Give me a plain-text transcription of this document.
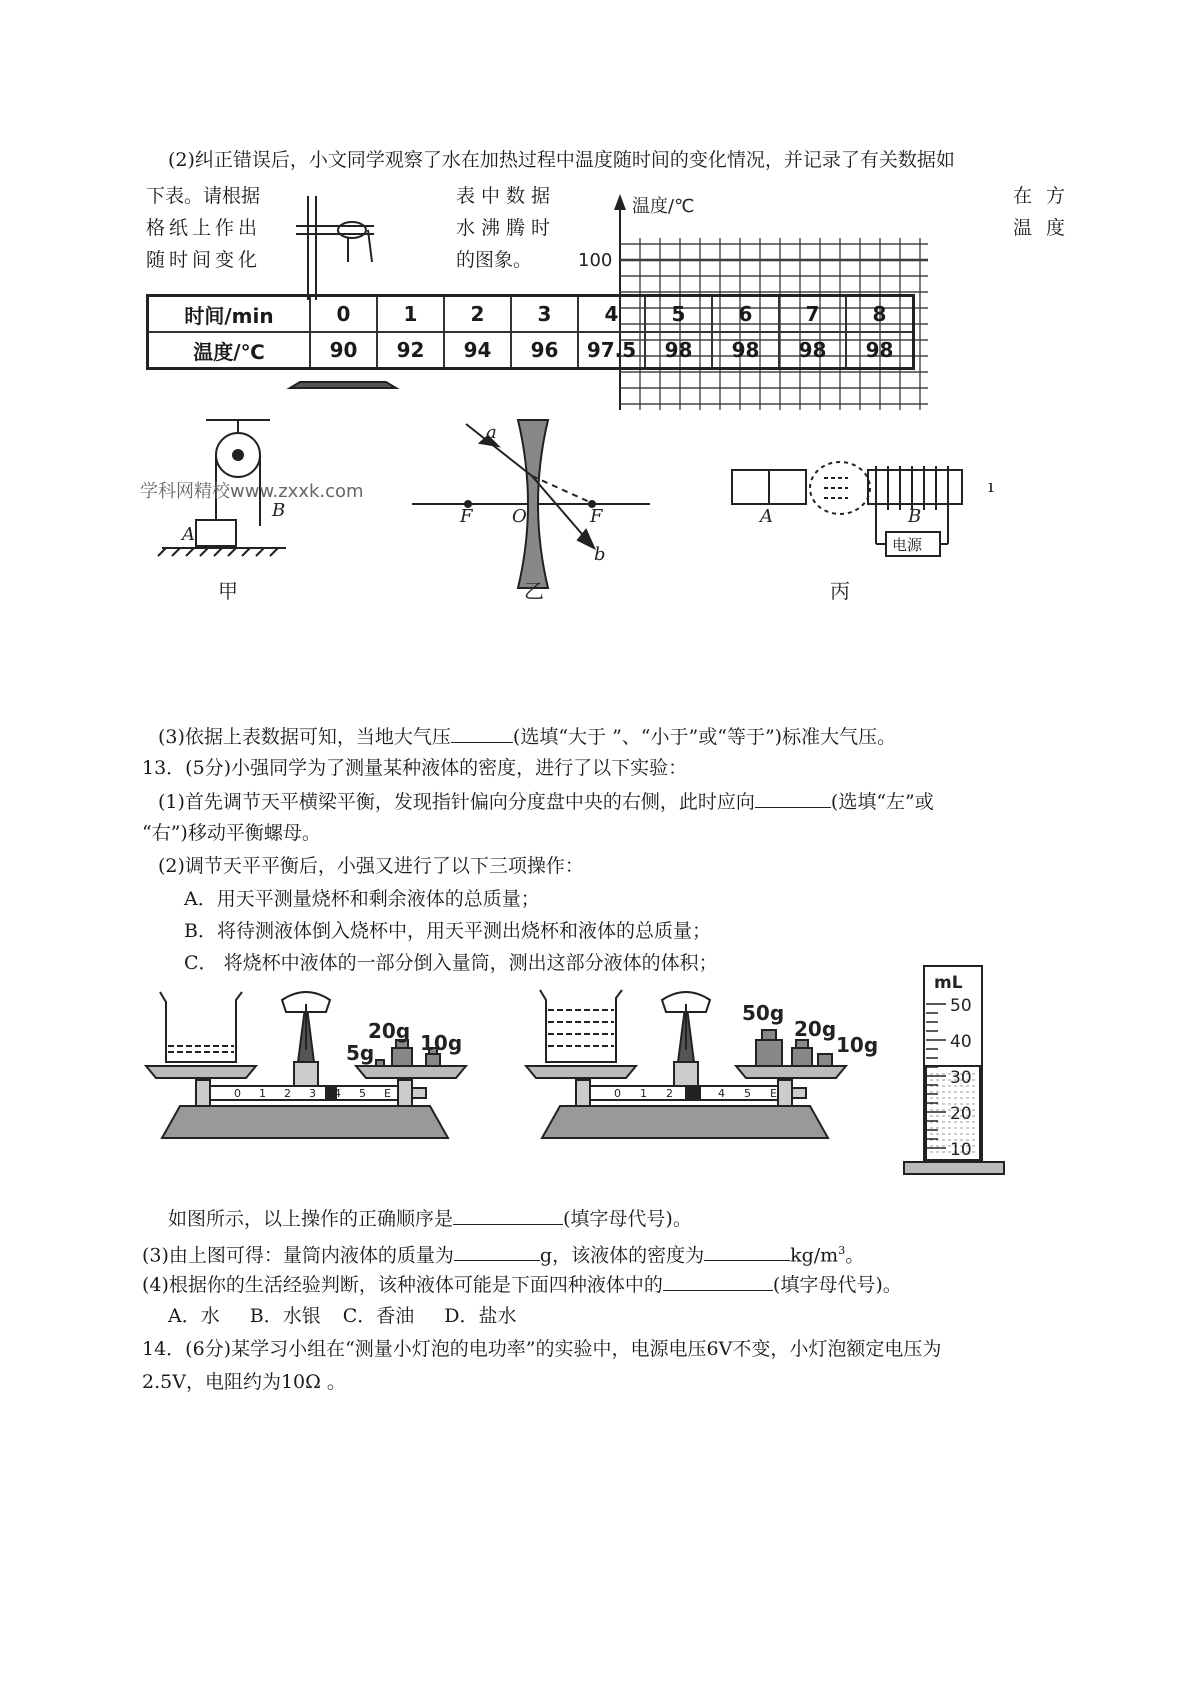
(2)纠正错误后，小文同学观察了水在加热过程中温度随时间的变化情况，并记录了有关数据如
下表。请根据
格纸上作出
随时间变化
表中数据
水沸腾时
的图象。
在方
温度
温度/℃
100
A
B
甲
学科网精校www.zxxk.com
a
b
F O	F
乙
A	B
电源
ı
丙
0 1 2 3 4 5 E
20g 10g
5g
0 1 2 3 4 5 E
50g
20g
10g
mL
50
40
30
20
10
时间/min	0	1	2	3	4	5	6	7	8
温度/℃	90	92	94	96	97.5	98	98	98	98
(3)依据上表数据可知，当地大气压	(选填“大于 ”、“小于”或“等于”)标准大气压。
13．(5分)小强同学为了测量某种液体的密度，进行了以下实验：
(1)首先调节天平横梁平衡，发现指针偏向分度盘中央的右侧，此时应向	(选填“左”或
“右”)移动平衡螺母。
(2)调节天平平衡后，小强又进行了以下三项操作：
A．用天平测量烧杯和剩余液体的总质量；
B．将待测液体倒入烧杯中，用天平测出烧杯和液体的总质量；
C． 将烧杯中液体的一部分倒入量筒，测出这部分液体的体积；
如图所示，以上操作的正确顺序是	(填字母代号)。
(3)由上图可得：量筒内液体的质量为	g，该液体的密度为	$kg/m^3$。
(4)根据你的生活经验判断，该种液体可能是下面四种液体中的	(填字母代号)。
A．水 B．水银 C．香油 D．盐水
14．(6分)某学习小组在“测量小灯泡的电功率”的实验中，电源电压6V不变，小灯泡额定电压为
2.5V，电阻约为10Ω 。
